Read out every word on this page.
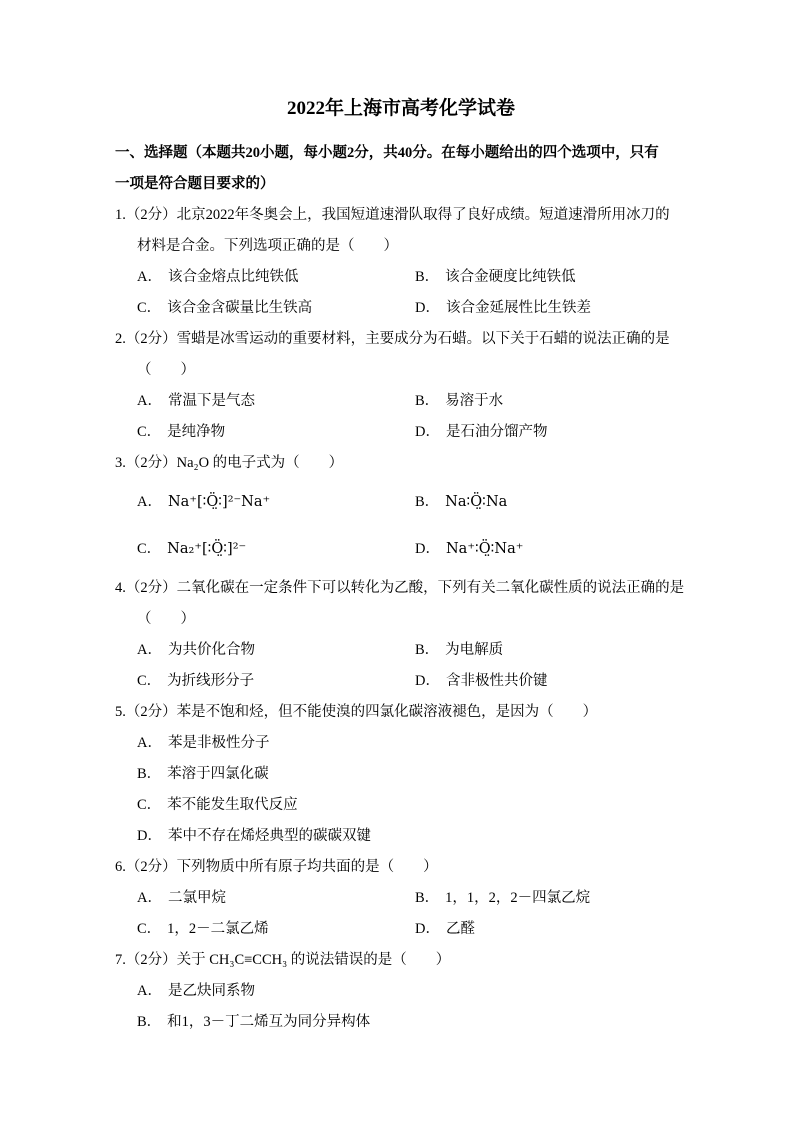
2022年上海市高考化学试卷
一、选择题（本题共20小题，每小题2分，共40分。在每小题给出的四个选项中，只有
一项是符合题目要求的）
1.（2分）北京2022年冬奥会上，我国短道速滑队取得了良好成绩。短道速滑所用冰刀的
材料是合金。下列选项正确的是（　　）
A． 该合金熔点比纯铁低	B． 该合金硬度比纯铁低
C． 该合金含碳量比生铁高	D． 该合金延展性比生铁差
2.（2分）雪蜡是冰雪运动的重要材料，主要成分为石蜡。以下关于石蜡的说法正确的是
（　　）
A． 常温下是气态	B． 易溶于水
C． 是纯净物	D． 是石油分馏产物
3.（2分）Na₂O 的电子式为（　　）
A． Na⁺[∶Ö̤∶]²⁻Na⁺	B． Na∶Ö̤∶Na
C． Na₂⁺[∶Ö̤∶]²⁻	D． Na⁺∶Ö̤∶Na⁺
4.（2分）二氧化碳在一定条件下可以转化为乙酸，下列有关二氧化碳性质的说法正确的是
（　　）
A． 为共价化合物	B． 为电解质
C． 为折线形分子	D． 含非极性共价键
5.（2分）苯是不饱和烃，但不能使溴的四氯化碳溶液褪色，是因为（　　）
A． 苯是非极性分子
B． 苯溶于四氯化碳
C． 苯不能发生取代反应
D． 苯中不存在烯烃典型的碳碳双键
6.（2分）下列物质中所有原子均共面的是（　　）
A． 二氯甲烷	B． 1，1，2，2－四氯乙烷
C． 1，2－二氯乙烯	D． 乙醛
7.（2分）关于 CH₃C≡CCH₃ 的说法错误的是（　　）
A． 是乙炔同系物
B． 和1，3－丁二烯互为同分异构体
